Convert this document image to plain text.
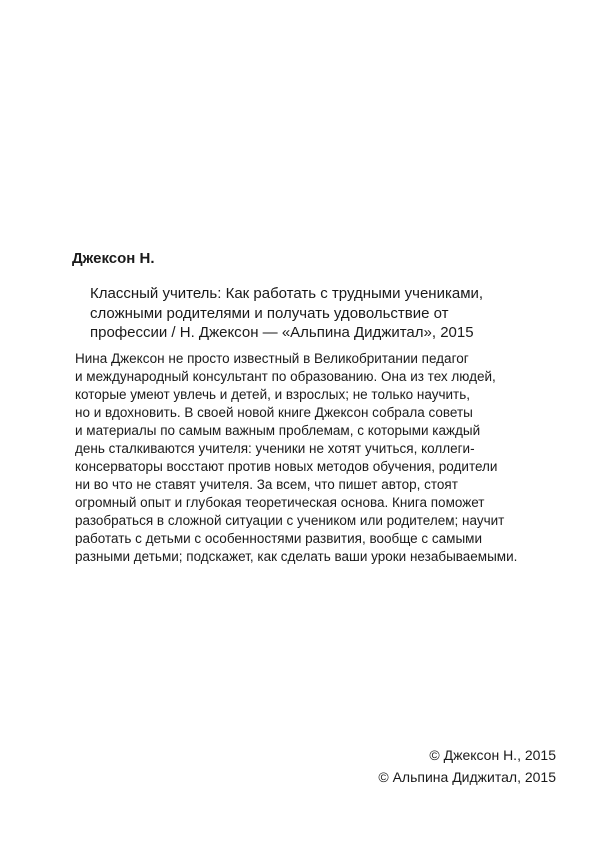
Джексон Н.
Классный учитель: Как работать с трудными учениками,
сложными родителями и получать удовольствие от
профессии / Н. Джексон — «Альпина Диджитал», 2015
Нина Джексон не просто известный в Великобритании педагог
и международный консультант по образованию. Она из тех людей,
которые умеют увлечь и детей, и взрослых; не только научить,
но и вдохновить. В своей новой книге Джексон собрала советы
и материалы по самым важным проблемам, с которыми каждый
день сталкиваются учителя: ученики не хотят учиться, коллеги-
консерваторы восстают против новых методов обучения, родители
ни во что не ставят учителя. За всем, что пишет автор, стоят
огромный опыт и глубокая теоретическая основа. Книга поможет
разобраться в сложной ситуации с учеником или родителем; научит
работать с детьми с особенностями развития, вообще с самыми
разными детьми; подскажет, как сделать ваши уроки незабываемыми.
© Джексон Н., 2015
© Альпина Диджитал, 2015
